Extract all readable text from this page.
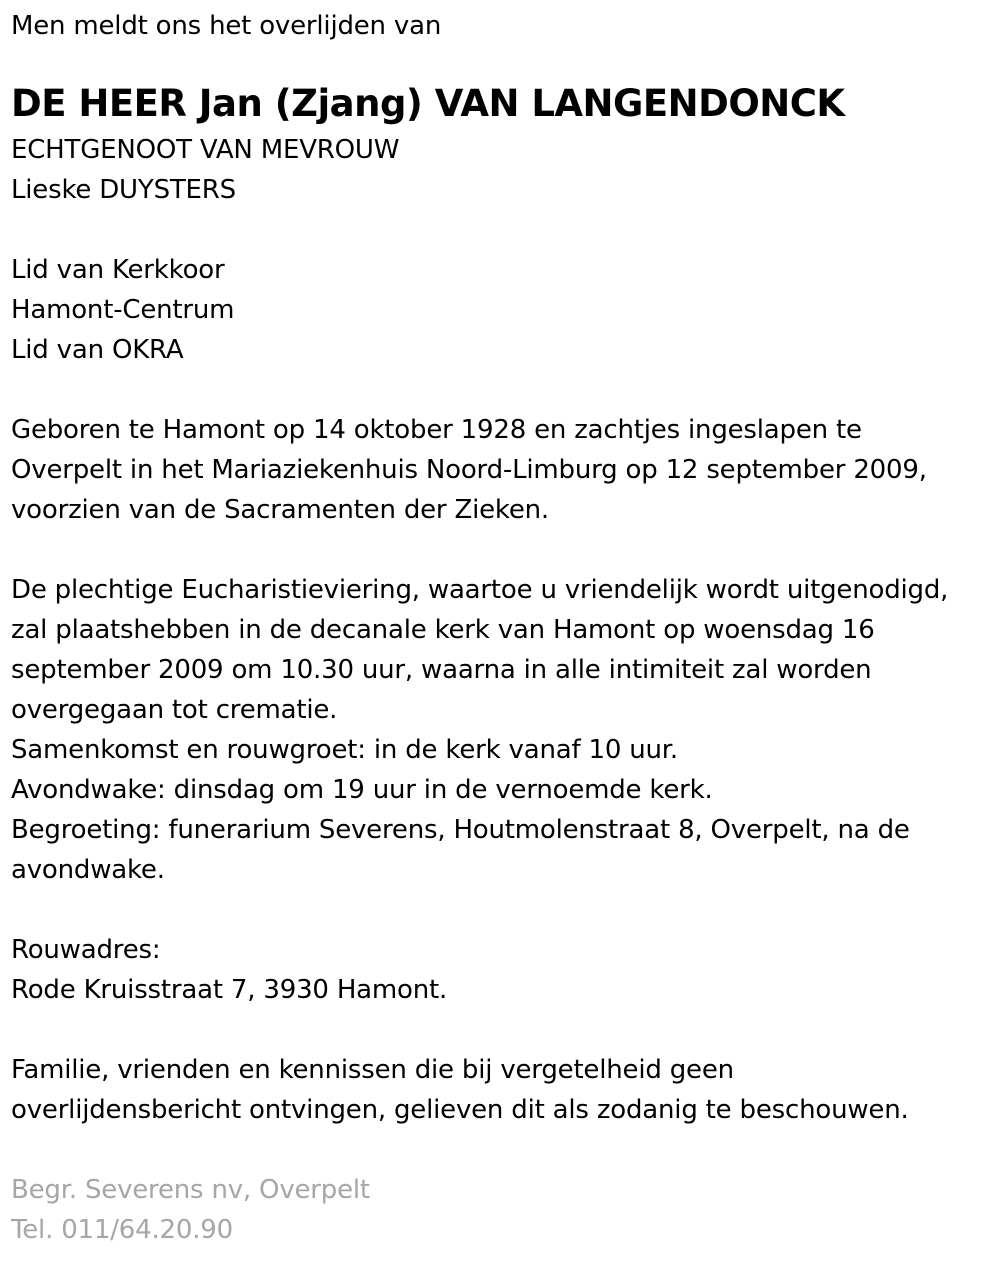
Men meldt ons het overlijden van
DE HEER Jan (Zjang) VAN LANGENDONCK
ECHTGENOOT VAN MEVROUW
Lieske DUYSTERS
Lid van Kerkkoor
Hamont-Centrum
Lid van OKRA
Geboren te Hamont op 14 oktober 1928 en zachtjes ingeslapen te
Overpelt in het Mariaziekenhuis Noord-Limburg op 12 september 2009,
voorzien van de Sacramenten der Zieken.
De plechtige Eucharistieviering, waartoe u vriendelijk wordt uitgenodigd,
zal plaatshebben in de decanale kerk van Hamont op woensdag 16
september 2009 om 10.30 uur, waarna in alle intimiteit zal worden
overgegaan tot crematie.
Samenkomst en rouwgroet: in de kerk vanaf 10 uur.
Avondwake: dinsdag om 19 uur in de vernoemde kerk.
Begroeting: funerarium Severens, Houtmolenstraat 8, Overpelt, na de
avondwake.
Rouwadres:
Rode Kruisstraat 7, 3930 Hamont.
Familie, vrienden en kennissen die bij vergetelheid geen
overlijdensbericht ontvingen, gelieven dit als zodanig te beschouwen.
Begr. Severens nv, Overpelt
Tel. 011/64.20.90
